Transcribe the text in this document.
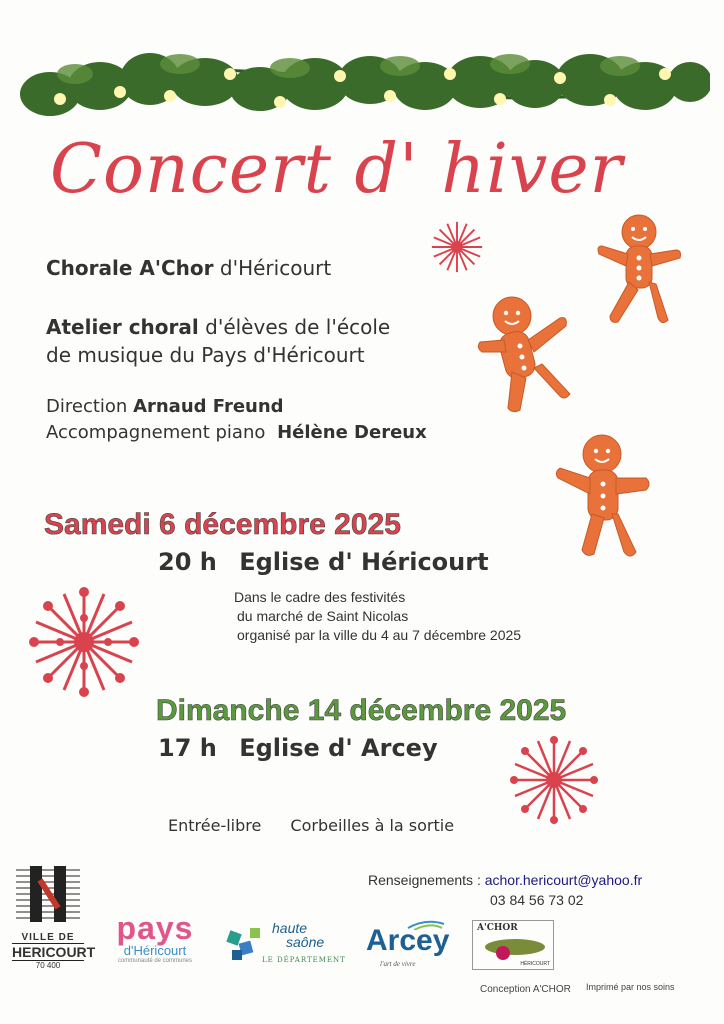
Concert d' hiver
Chorale A'Chor d'Héricourt
Atelier choral d'élèves de l'école
de musique du Pays d'Héricourt
Direction Arnaud Freund
Accompagnement piano Hélène Dereux
Samedi 6 décembre 2025
20 h Eglise d' Héricourt
Dans le cadre des festivités
du marché de Saint Nicolas
organisé par la ville du 4 au 7 décembre 2025
Dimanche 14 décembre 2025
17 h Eglise d' Arcey
Entrée-libre Corbeilles à la sortie
Renseignements : achor.hericourt@yahoo.fr
03 84 56 73 02
VILLE DE
HERICOURT
70 400
pays
d'Héricourt
communauté de communes
haute
saône
LE DÉPARTEMENT
Arcey
l'art de vivre
A'CHOR
HÉRICOURT
Conception A'CHOR Imprimé par nos soins
